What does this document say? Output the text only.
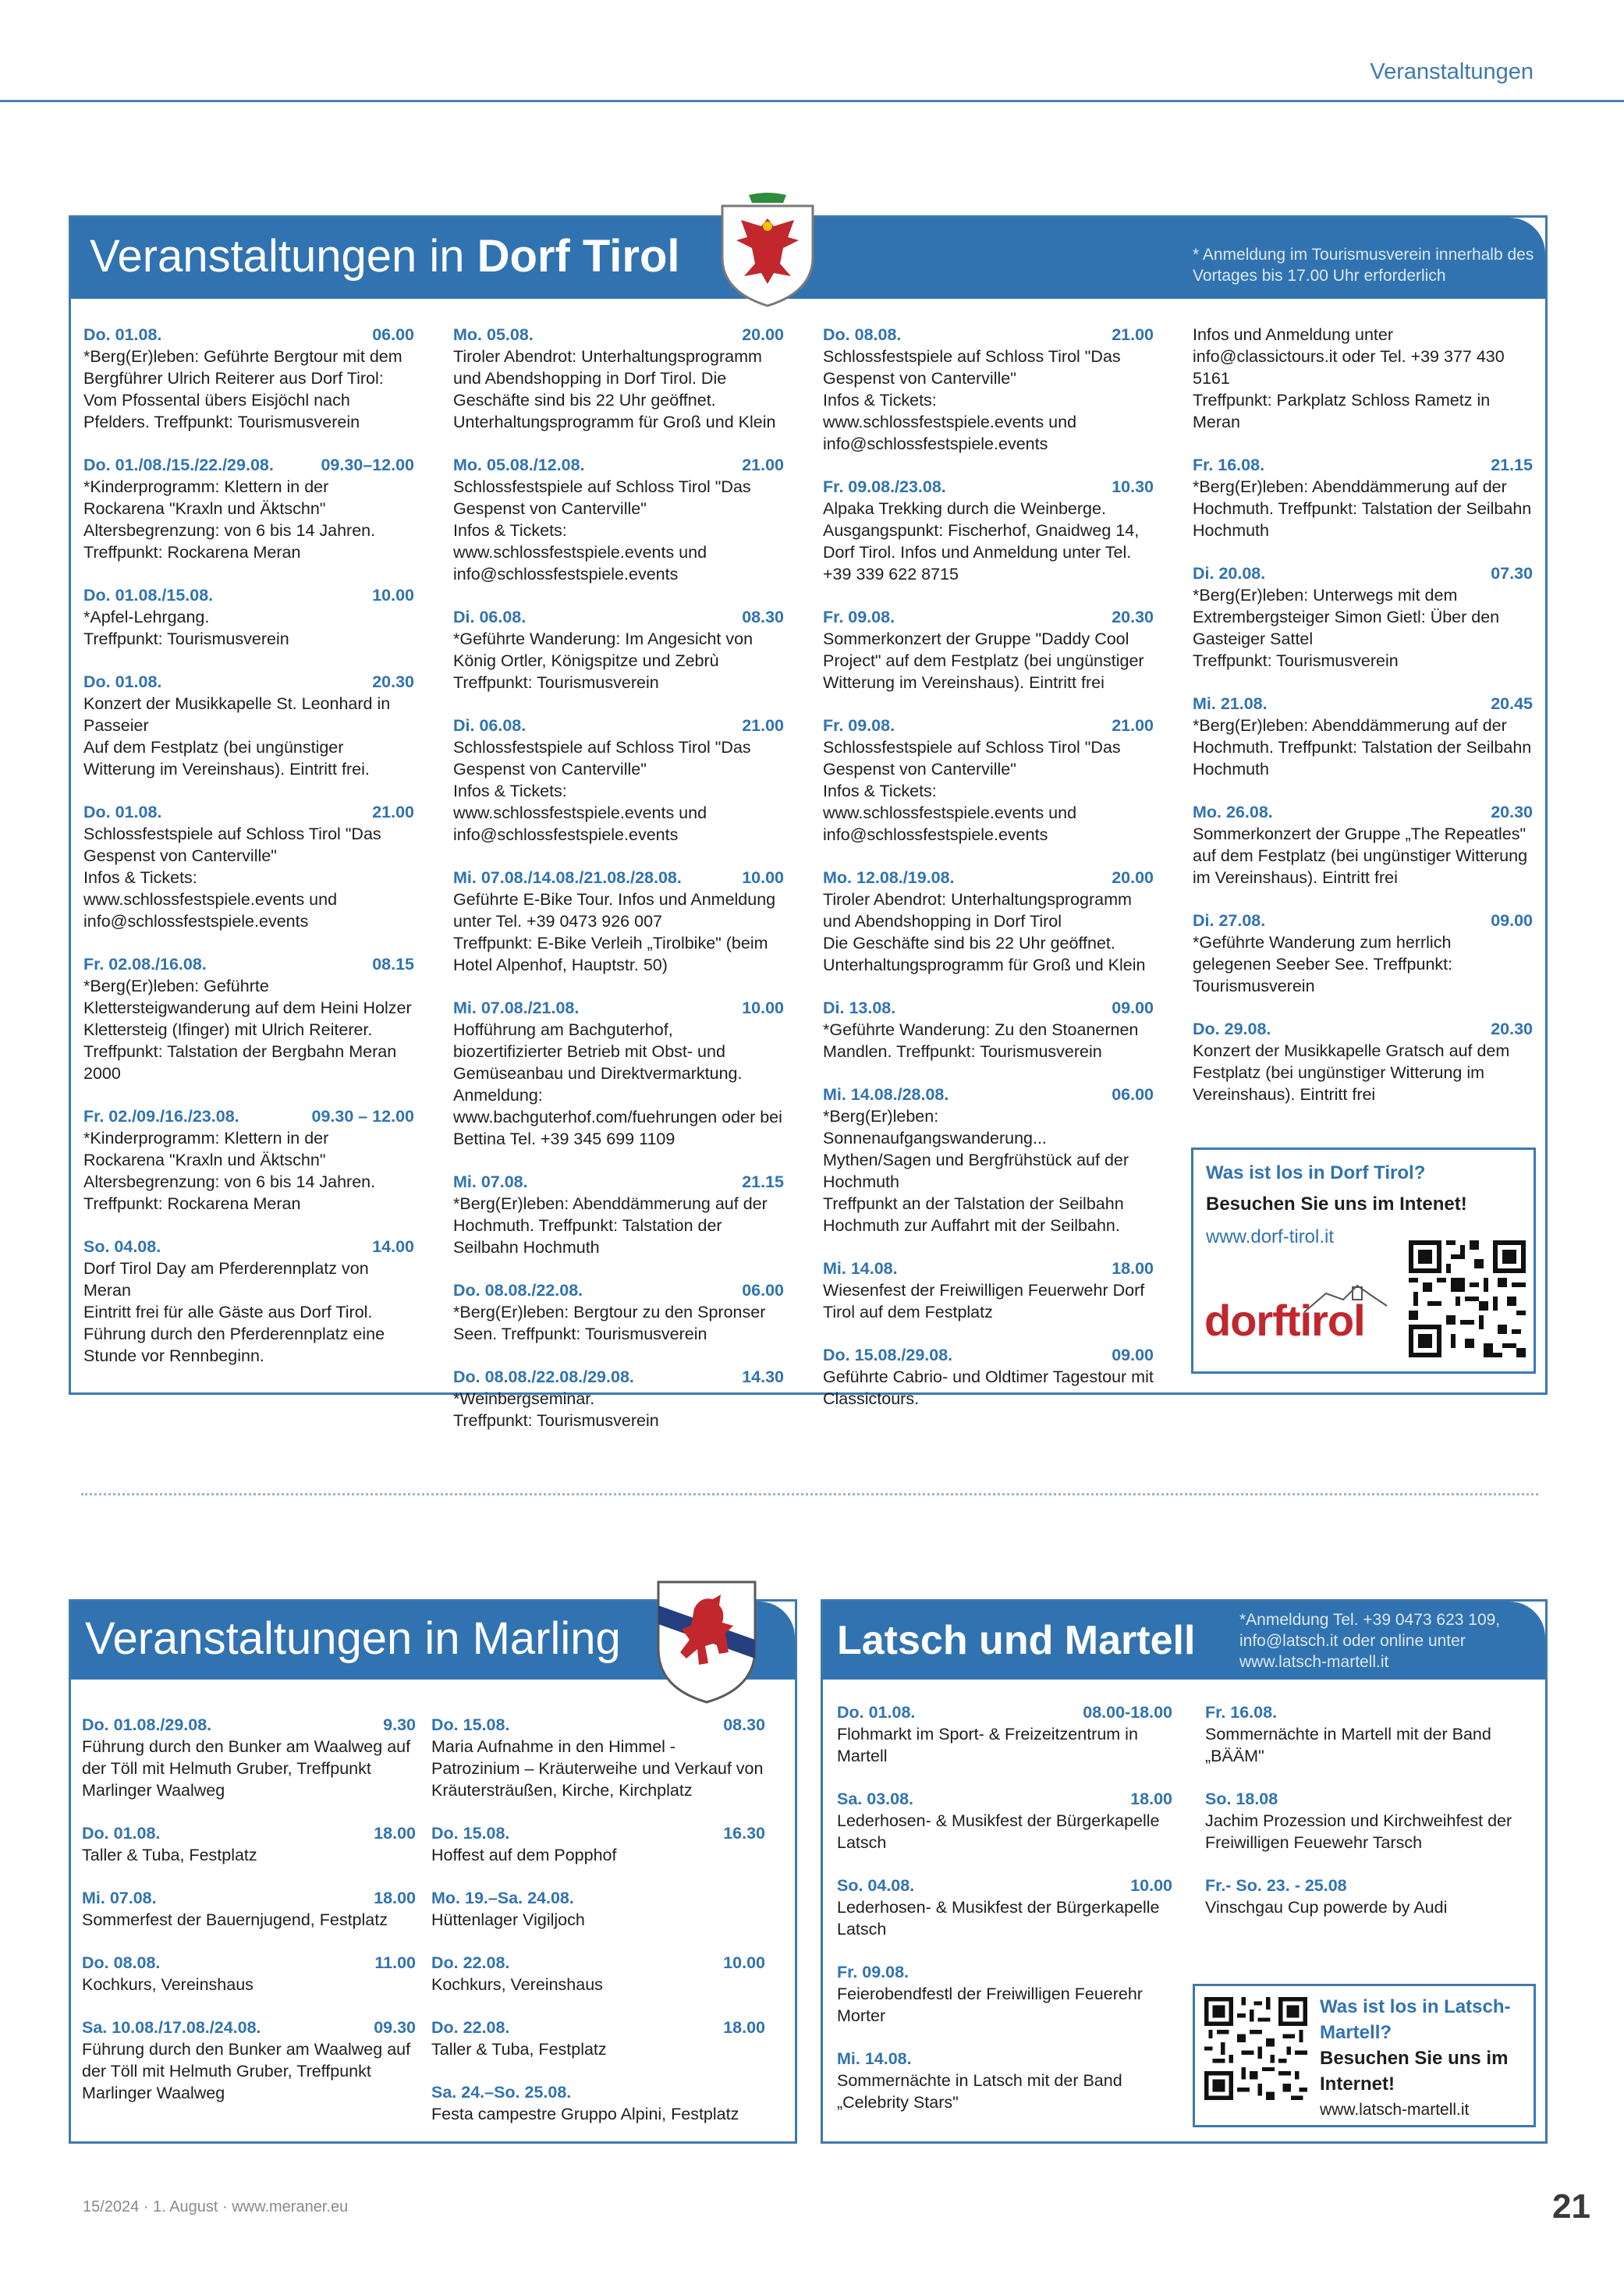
Veranstaltungen
Veranstaltungen in Dorf Tirol	* Anmeldung im Tourismusverein innerhalb des Vortages bis 17.00 Uhr erforderlich
Do. 01.08.	06.00
*Berg(Er)leben: Geführte Bergtour mit dem Bergführer Ulrich Reiterer aus Dorf Tirol: Vom Pfossental übers Eisjöchl nach Pfelders. Treffpunkt: Tourismusverein
Do. 01./08./15./22./29.08.	09.30–12.00
*Kinderprogramm: Klettern in der Rockarena "Kraxln und Äktschn"
Altersbegrenzung: von 6 bis 14 Jahren. Treffpunkt: Rockarena Meran
Do. 01.08./15.08.	10.00
*Apfel-Lehrgang.
Treffpunkt: Tourismusverein
Do. 01.08.	20.30
Konzert der Musikkapelle St. Leonhard in Passeier
Auf dem Festplatz (bei ungünstiger Witterung im Vereinshaus). Eintritt frei.
Do. 01.08.	21.00
Schlossfestspiele auf Schloss Tirol "Das Gespenst von Canterville"
Infos & Tickets: www.schlossfestspiele.events und info@schlossfestspiele.events
Fr. 02.08./16.08.	08.15
*Berg(Er)leben: Geführte Klettersteigwanderung auf dem Heini Holzer Klettersteig (Ifinger) mit Ulrich Reiterer. Treffpunkt: Talstation der Bergbahn Meran 2000
Fr. 02./09./16./23.08.	09.30 – 12.00
*Kinderprogramm: Klettern in der Rockarena "Kraxln und Äktschn"
Altersbegrenzung: von 6 bis 14 Jahren. Treffpunkt: Rockarena Meran
So. 04.08.	14.00
Dorf Tirol Day am Pferderennplatz von Meran
Eintritt frei für alle Gäste aus Dorf Tirol. Führung durch den Pferderennplatz eine Stunde vor Rennbeginn.
Mo. 05.08.	20.00
Tiroler Abendrot: Unterhaltungsprogramm und Abendshopping in Dorf Tirol. Die Geschäfte sind bis 22 Uhr geöffnet. Unterhaltungsprogramm für Groß und Klein
Mo. 05.08./12.08.	21.00
Schlossfestspiele auf Schloss Tirol "Das Gespenst von Canterville"
Infos & Tickets: www.schlossfestspiele.events und info@schlossfestspiele.events
Di. 06.08.	08.30
*Geführte Wanderung: Im Angesicht von König Ortler, Königspitze und Zebrù
Treffpunkt: Tourismusverein
Di. 06.08.	21.00
Schlossfestspiele auf Schloss Tirol "Das Gespenst von Canterville"
Infos & Tickets: www.schlossfestspiele.events und info@schlossfestspiele.events
Mi. 07.08./14.08./21.08./28.08.	10.00
Geführte E-Bike Tour. Infos und Anmeldung unter Tel. +39 0473 926 007
Treffpunkt: E-Bike Verleih „Tirolbike" (beim Hotel Alpenhof, Hauptstr. 50)
Mi. 07.08./21.08.	10.00
Hofführung am Bachguterhof, biozertifizierter Betrieb mit Obst- und Gemüseanbau und Direktvermarktung. Anmeldung: www.bachguterhof.com/fuehrungen oder bei Bettina Tel. +39 345 699 1109
Mi. 07.08.	21.15
*Berg(Er)leben: Abenddämmerung auf der Hochmuth. Treffpunkt: Talstation der Seilbahn Hochmuth
Do. 08.08./22.08.	06.00
*Berg(Er)leben: Bergtour zu den Spronser Seen. Treffpunkt: Tourismusverein
Do. 08.08./22.08./29.08.	14.30
*Weinbergseminar.
Treffpunkt: Tourismusverein
Do. 08.08.	21.00
Schlossfestspiele auf Schloss Tirol "Das Gespenst von Canterville"
Infos & Tickets: www.schlossfestspiele.events und info@schlossfestspiele.events
Fr. 09.08./23.08.	10.30
Alpaka Trekking durch die Weinberge. Ausgangspunkt: Fischerhof, Gnaidweg 14, Dorf Tirol. Infos und Anmeldung unter Tel. +39 339 622 8715
Fr. 09.08.	20.30
Sommerkonzert der Gruppe "Daddy Cool Project" auf dem Festplatz (bei ungünstiger Witterung im Vereinshaus). Eintritt frei
Fr. 09.08.	21.00
Schlossfestspiele auf Schloss Tirol "Das Gespenst von Canterville"
Infos & Tickets: www.schlossfestspiele.events und info@schlossfestspiele.events
Mo. 12.08./19.08.	20.00
Tiroler Abendrot: Unterhaltungsprogramm und Abendshopping in Dorf Tirol
Die Geschäfte sind bis 22 Uhr geöffnet. Unterhaltungsprogramm für Groß und Klein
Di. 13.08.	09.00
*Geführte Wanderung: Zu den Stoanernen Mandlen. Treffpunkt: Tourismusverein
Mi. 14.08./28.08.	06.00
*Berg(Er)leben:
Sonnenaufgangswanderung...
Mythen/Sagen und Bergfrühstück auf der Hochmuth
Treffpunkt an der Talstation der Seilbahn Hochmuth zur Auffahrt mit der Seilbahn.
Mi. 14.08.	18.00
Wiesenfest der Freiwilligen Feuerwehr Dorf Tirol auf dem Festplatz
Do. 15.08./29.08.	09.00
Geführte Cabrio- und Oldtimer Tagestour mit Classictours.
Infos und Anmeldung unter info@classictours.it oder Tel. +39 377 430 5161
Treffpunkt: Parkplatz Schloss Rametz in Meran
Fr. 16.08.	21.15
*Berg(Er)leben: Abenddämmerung auf der Hochmuth. Treffpunkt: Talstation der Seilbahn Hochmuth
Di. 20.08.	07.30
*Berg(Er)leben: Unterwegs mit dem Extrembergsteiger Simon Gietl: Über den Gasteiger Sattel
Treffpunkt: Tourismusverein
Mi. 21.08.	20.45
*Berg(Er)leben: Abenddämmerung auf der Hochmuth. Treffpunkt: Talstation der Seilbahn Hochmuth
Mo. 26.08.	20.30
Sommerkonzert der Gruppe „The Repeatles" auf dem Festplatz (bei ungünstiger Witterung im Vereinshaus). Eintritt frei
Di. 27.08.	09.00
*Geführte Wanderung zum herrlich gelegenen Seeber See. Treffpunkt: Tourismusverein
Do. 29.08.	20.30
Konzert der Musikkapelle Gratsch auf dem Festplatz (bei ungünstiger Witterung im Vereinshaus). Eintritt frei
Was ist los in Dorf Tirol?
Besuchen Sie uns im Intenet!
www.dorf-tirol.it
dorftirol
Veranstaltungen in Marling
Do. 01.08./29.08.	9.30
Führung durch den Bunker am Waalweg auf der Töll mit Helmuth Gruber, Treffpunkt Marlinger Waalweg
Do. 01.08.	18.00
Taller & Tuba, Festplatz
Mi. 07.08.	18.00
Sommerfest der Bauernjugend, Festplatz
Do. 08.08.	11.00
Kochkurs, Vereinshaus
Sa. 10.08./17.08./24.08.	09.30
Führung durch den Bunker am Waalweg auf der Töll mit Helmuth Gruber, Treffpunkt Marlinger Waalweg
Do. 15.08.	08.30
Maria Aufnahme in den Himmel - Patrozinium – Kräuterweihe und Verkauf von Kräutersträußen, Kirche, Kirchplatz
Do. 15.08.	16.30
Hoffest auf dem Popphof
Mo. 19.–Sa. 24.08.
Hüttenlager Vigiljoch
Do. 22.08.	10.00
Kochkurs, Vereinshaus
Do. 22.08.	18.00
Taller & Tuba, Festplatz
Sa. 24.–So. 25.08.
Festa campestre Gruppo Alpini, Festplatz
Latsch und Martell	*Anmeldung Tel. +39 0473 623 109, info@latsch.it oder online unter www.latsch-martell.it
Do. 01.08.	08.00-18.00
Flohmarkt im Sport- & Freizeitzentrum in Martell
Sa. 03.08.	18.00
Lederhosen- & Musikfest der Bürgerkapelle Latsch
So. 04.08.	10.00
Lederhosen- & Musikfest der Bürgerkapelle Latsch
Fr. 09.08.
Feierobendfestl der Freiwilligen Feuerehr Morter
Mi. 14.08.
Sommernächte in Latsch mit der Band „Celebrity Stars"
Fr. 16.08.
Sommernächte in Martell mit der Band „BÄÄM"
So. 18.08
Jachim Prozession und Kirchweihfest der Freiwilligen Feuewehr Tarsch
Fr.- So. 23. - 25.08
Vinschgau Cup powerde by Audi
Was ist los in Latsch-Martell?
Besuchen Sie uns im Internet!
www.latsch-martell.it
15/2024 · 1. August · www.meraner.eu	21
